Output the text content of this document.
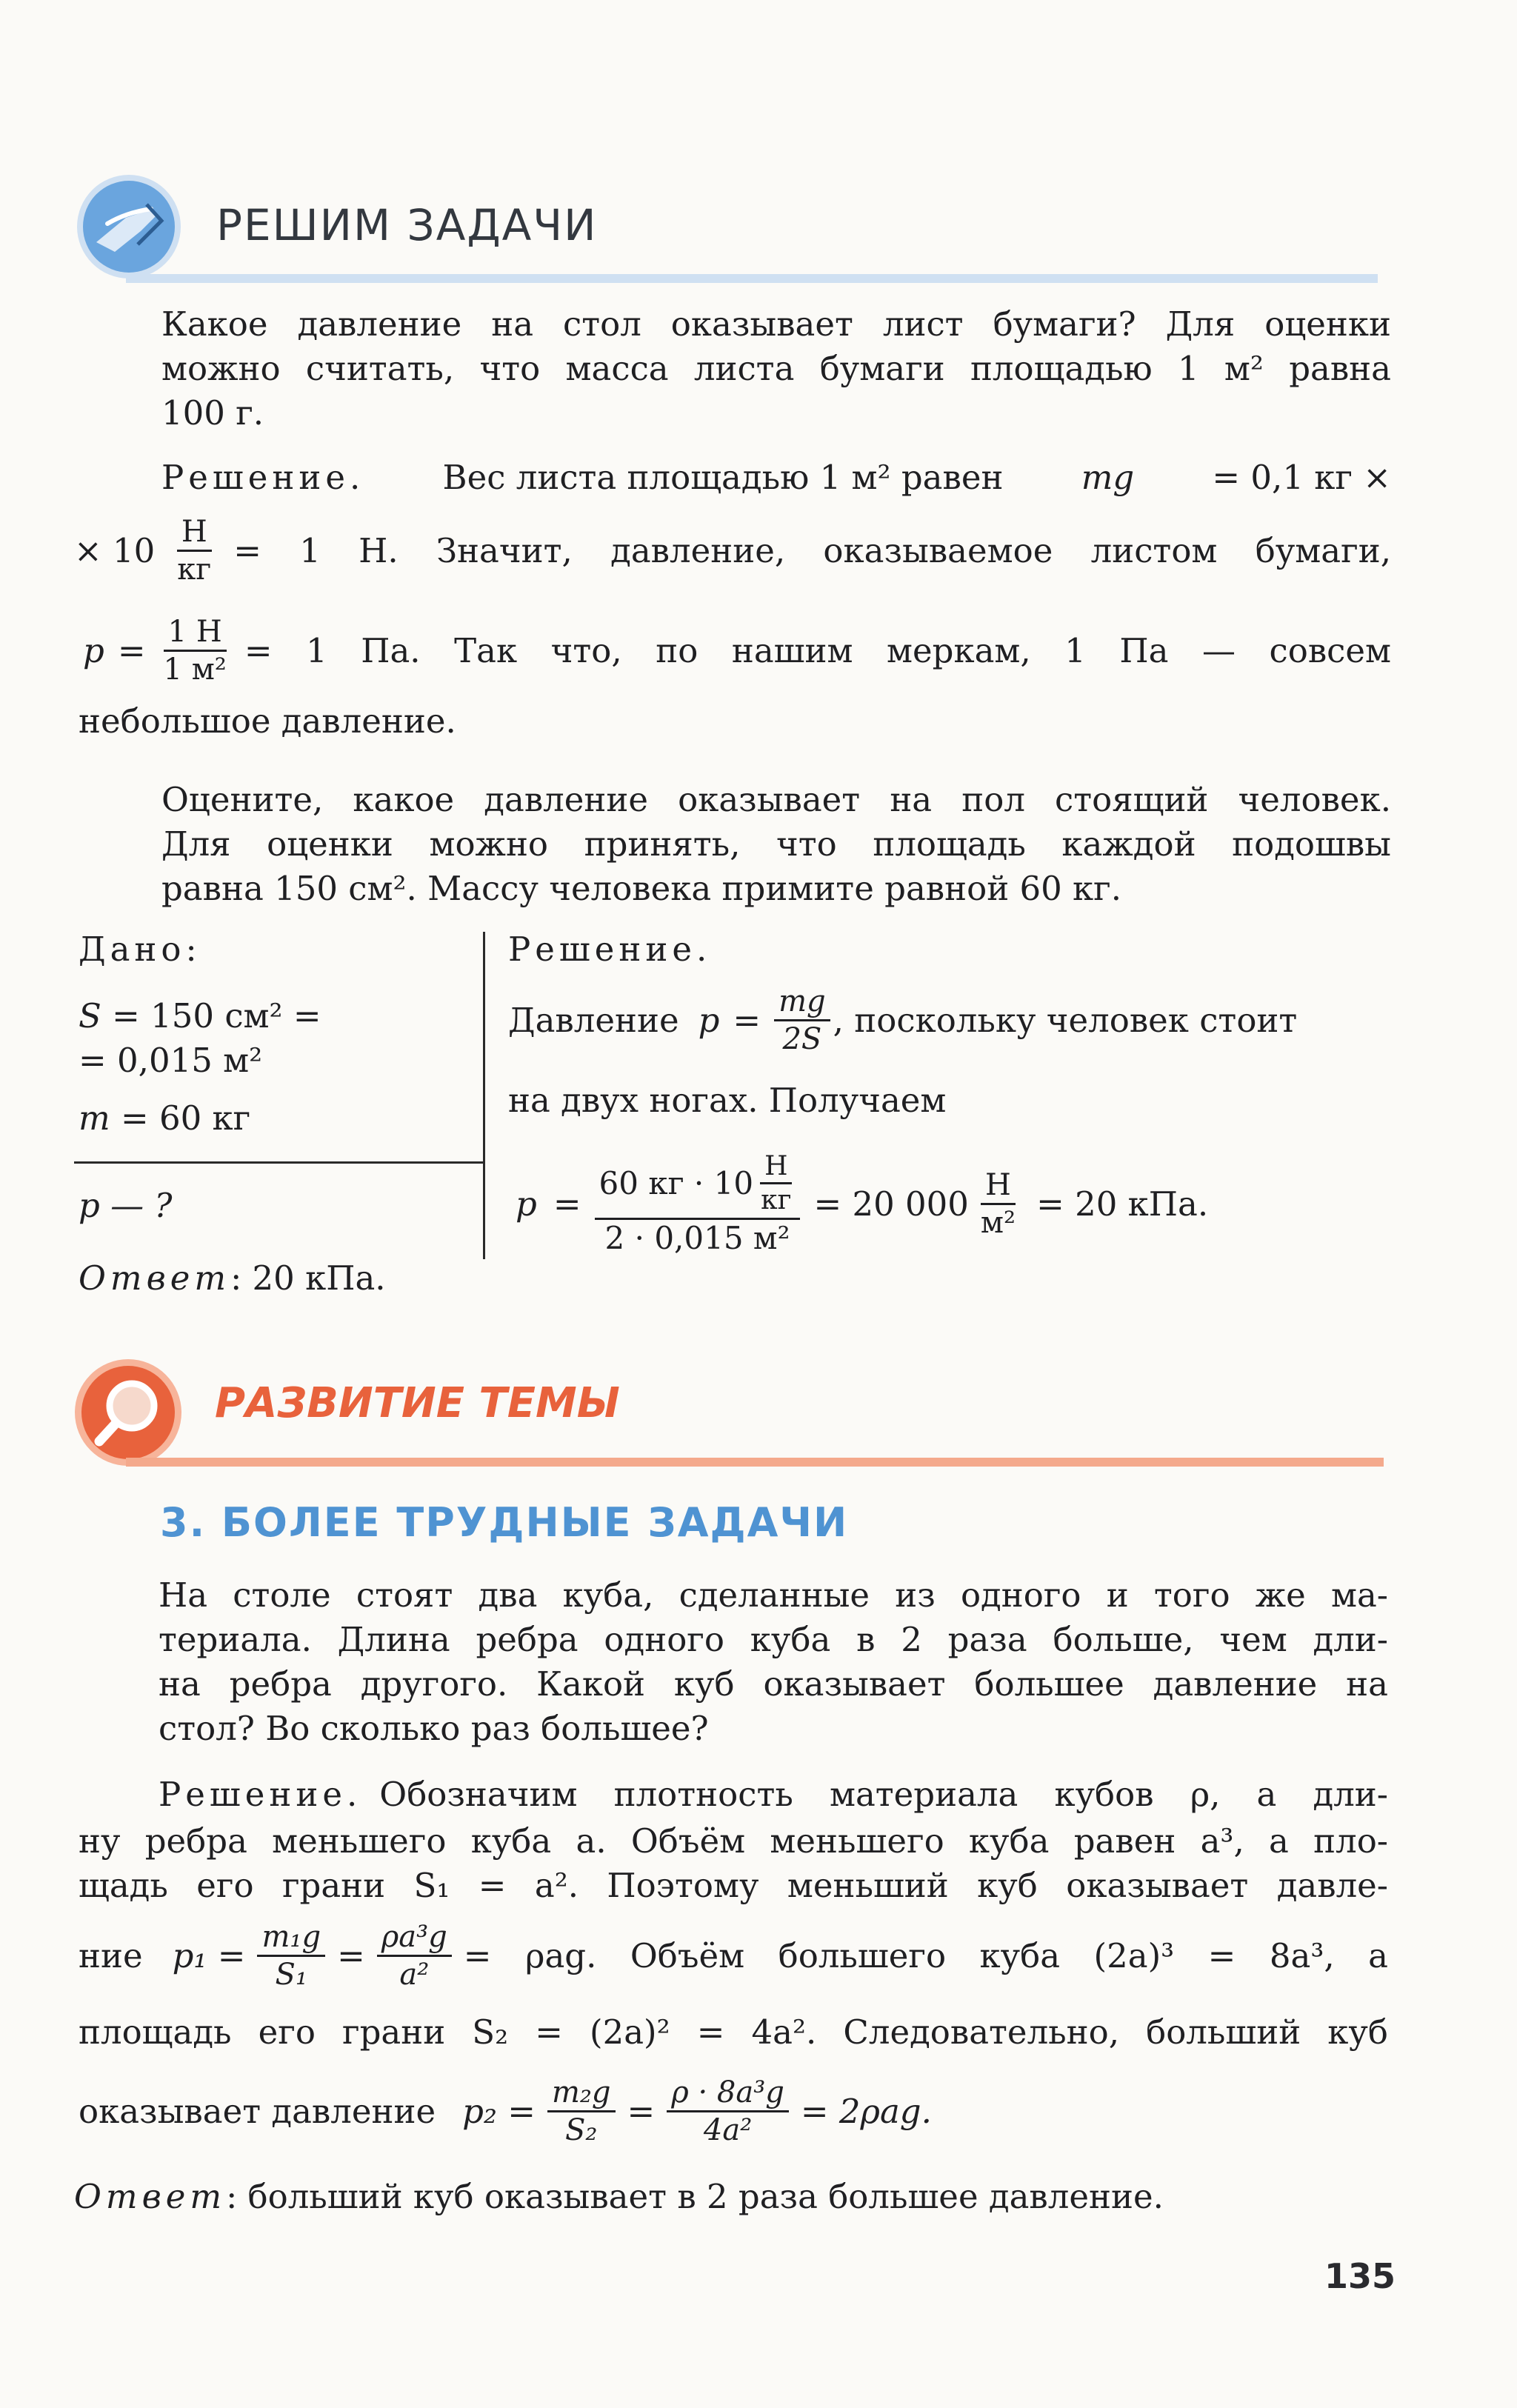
РЕШИМ ЗАДАЧИ
Какое давление на стол оказывает лист бумаги? Для оценки
можно считать, что масса листа бумаги площадью 1 м² равна
100 г.
Решение. Вес листа площадью 1 м² равен mg = 0,1 кг ×
× $10 \frac{Н}{кг} = 1$ Н. Значит, давление, оказываемое листом бумаги,
$p = \frac{1 Н}{\text{1 м²}} = 1$ Па. Так что, по нашим меркам, 1 Па — совсем
небольшое давление.
Оцените, какое давление оказывает на пол стоящий человек.
Для оценки можно принять, что площадь каждой подошвы
равна 150 см². Массу человека примите равной 60 кг.
Дано:
S = 150 см² =
= 0,015 м²
m = 60 кг
p — ?
Ответ: 20 кПа.
Решение.
Давление $p = \frac{mg}{2S}$ , поскольку человек стоит
на двух ногах. Получаем
$p = \frac{60 кг \cdot 10 \frac{Н}{кг}}{\text{2 · 0,015 м²}} = 20$ $000 \frac{Н}{\text{м²}} = 20$ кПа.
РАЗВИТИЕ ТЕМЫ
3. БОЛЕЕ ТРУДНЫЕ ЗАДАЧИ
На столе стоят два куба, сделанные из одного и того же ма-
териала. Длина ребра одного куба в 2 раза больше, чем дли-
на ребра другого. Какой куб оказывает большее давление на
стол? Во сколько раз большее?
Решение. Обозначим плотность материала кубов ρ, а дли-
ну ребра меньшего куба a. Объём меньшего куба равен a³, а пло-
щадь его грани S₁ = a². Поэтому меньший куб оказывает давле-
ние $p_1 = \frac{\text{m₁g}}{\text{S₁}} = \frac{\text{ρa³g}}{\text{a²}} = \rho ag$. Объём большего куба (2a)³ = 8a³, а
площадь его грани S₂ = (2a)² = 4a². Следовательно, больший куб
оказывает давление $p_2 = \frac{\text{m₂g}}{\text{S₂}} = \frac{\text{ρ · 8a³g}}{\text{4a²}} = 2\rho ag$.
Ответ: больший куб оказывает в 2 раза большее давление.
135
